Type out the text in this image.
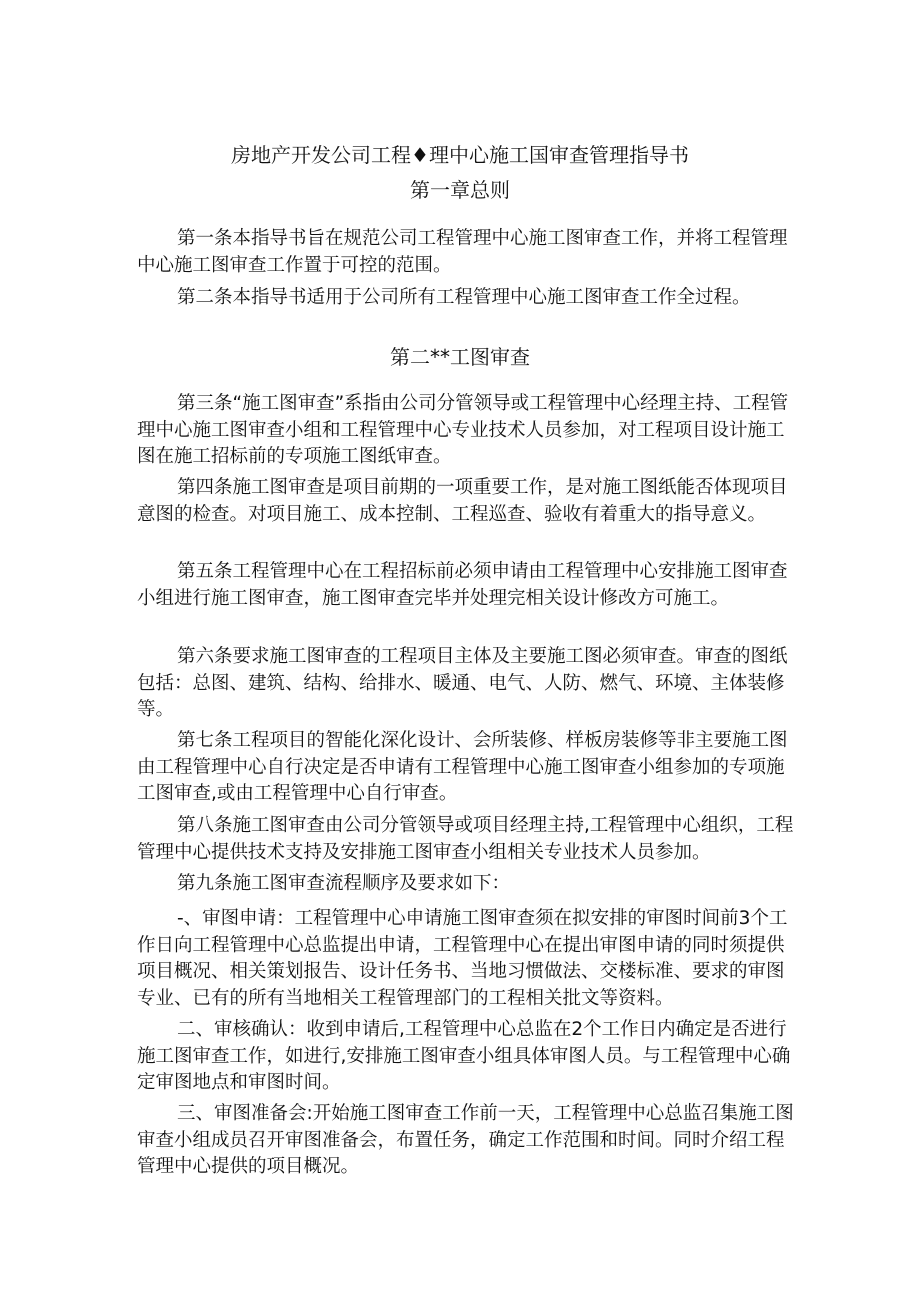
房地产开发公司工程♦理中心施工国审查管理指导书
第一章总则

第一条本指导书旨在规范公司工程管理中心施工图审查工作，并将工程管理中心施工图审查工作置于可控的范围。

第二条本指导书适用于公司所有工程管理中心施工图审查工作全过程。

第二**工图审查

第三条“施工图审查”系指由公司分管领导或工程管理中心经理主持、工程管理中心施工图审查小组和工程管理中心专业技术人员参加，对工程项目设计施工图在施工招标前的专项施工图纸审查。

第四条施工图审查是项目前期的一项重要工作，是对施工图纸能否体现项目意图的检查。对项目施工、成本控制、工程巡查、验收有着重大的指导意义。

第五条工程管理中心在工程招标前必须申请由工程管理中心安排施工图审查小组进行施工图审查，施工图审查完毕并处理完相关设计修改方可施工。

第六条要求施工图审查的工程项目主体及主要施工图必须审查。审查的图纸包括：总图、建筑、结构、给排水、暖通、电气、人防、燃气、环境、主体装修等。

第七条工程项目的智能化深化设计、会所装修、样板房装修等非主要施工图由工程管理中心自行决定是否申请有工程管理中心施工图审查小组参加的专项施工图审查,或由工程管理中心自行审查。

第八条施工图审查由公司分管领导或项目经理主持,工程管理中心组织，工程管理中心提供技术支持及安排施工图审查小组相关专业技术人员参加。

第九条施工图审查流程顺序及要求如下：

-、审图申请：工程管理中心申请施工图审查须在拟安排的审图时间前3个工作日向工程管理中心总监提出申请，工程管理中心在提出审图申请的同时须提供项目概况、相关策划报告、设计任务书、当地习惯做法、交楼标准、要求的审图专业、已有的所有当地相关工程管理部门的工程相关批文等资料。

二、审核确认：收到申请后,工程管理中心总监在2个工作日内确定是否进行施工图审查工作，如进行,安排施工图审查小组具体审图人员。与工程管理中心确定审图地点和审图时间。

三、审图准备会:开始施工图审查工作前一天，工程管理中心总监召集施工图审查小组成员召开审图准备会，布置任务，确定工作范围和时间。同时介绍工程管理中心提供的项目概况。
